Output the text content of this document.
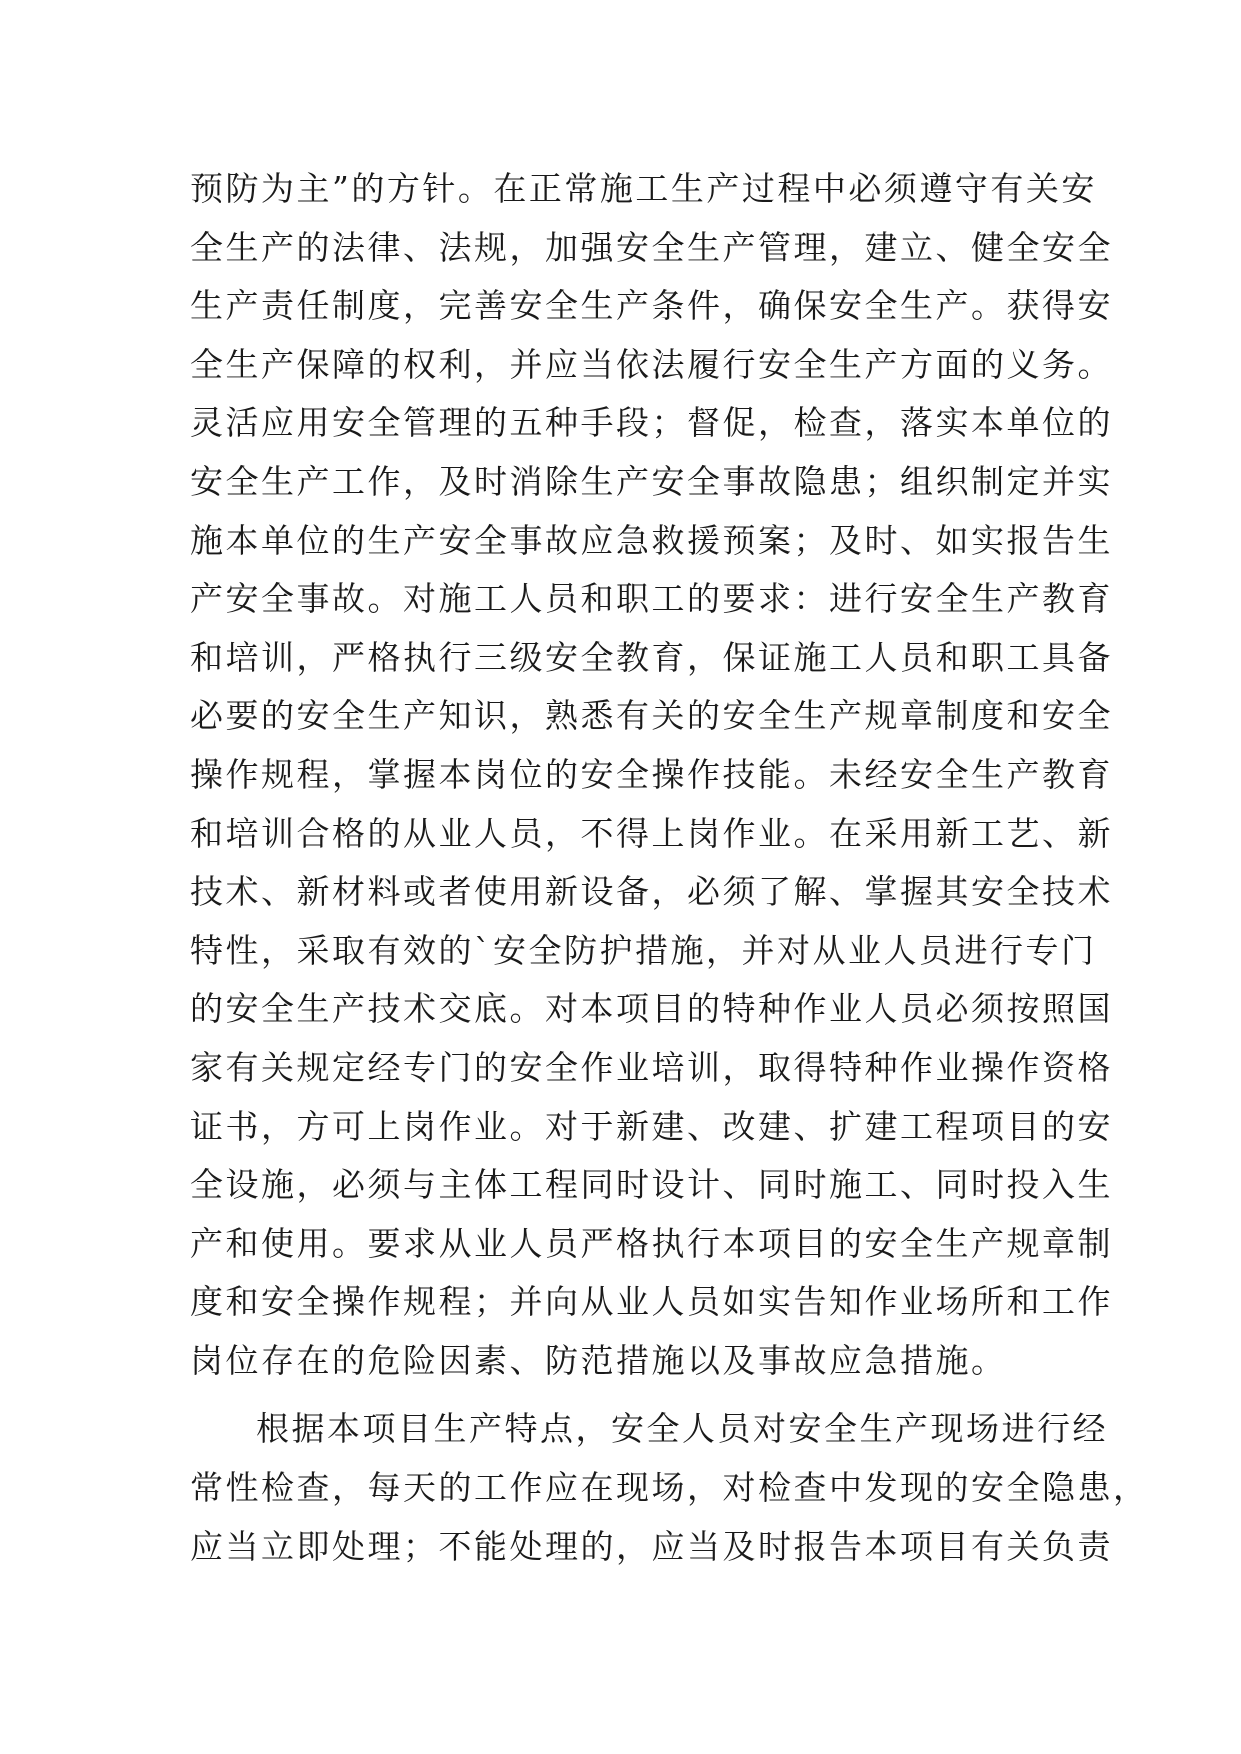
预防为主”的方针。在正常施工生产过程中必须遵守有关安
全生产的法律、法规，加强安全生产管理，建立、健全安全
生产责任制度，完善安全生产条件，确保安全生产。获得安
全生产保障的权利，并应当依法履行安全生产方面的义务。
灵活应用安全管理的五种手段；督促，检查，落实本单位的
安全生产工作，及时消除生产安全事故隐患；组织制定并实
施本单位的生产安全事故应急救援预案；及时、如实报告生
产安全事故。对施工人员和职工的要求：进行安全生产教育
和培训，严格执行三级安全教育，保证施工人员和职工具备
必要的安全生产知识，熟悉有关的安全生产规章制度和安全
操作规程，掌握本岗位的安全操作技能。未经安全生产教育
和培训合格的从业人员，不得上岗作业。在采用新工艺、新
技术、新材料或者使用新设备，必须了解、掌握其安全技术
特性，采取有效的`安全防护措施，并对从业人员进行专门
的安全生产技术交底。对本项目的特种作业人员必须按照国
家有关规定经专门的安全作业培训，取得特种作业操作资格
证书，方可上岗作业。对于新建、改建、扩建工程项目的安
全设施，必须与主体工程同时设计、同时施工、同时投入生
产和使用。要求从业人员严格执行本项目的安全生产规章制
度和安全操作规程；并向从业人员如实告知作业场所和工作
岗位存在的危险因素、防范措施以及事故应急措施。
根据本项目生产特点，安全人员对安全生产现场进行经
常性检查，每天的工作应在现场，对检查中发现的安全隐患，
应当立即处理；不能处理的，应当及时报告本项目有关负责
